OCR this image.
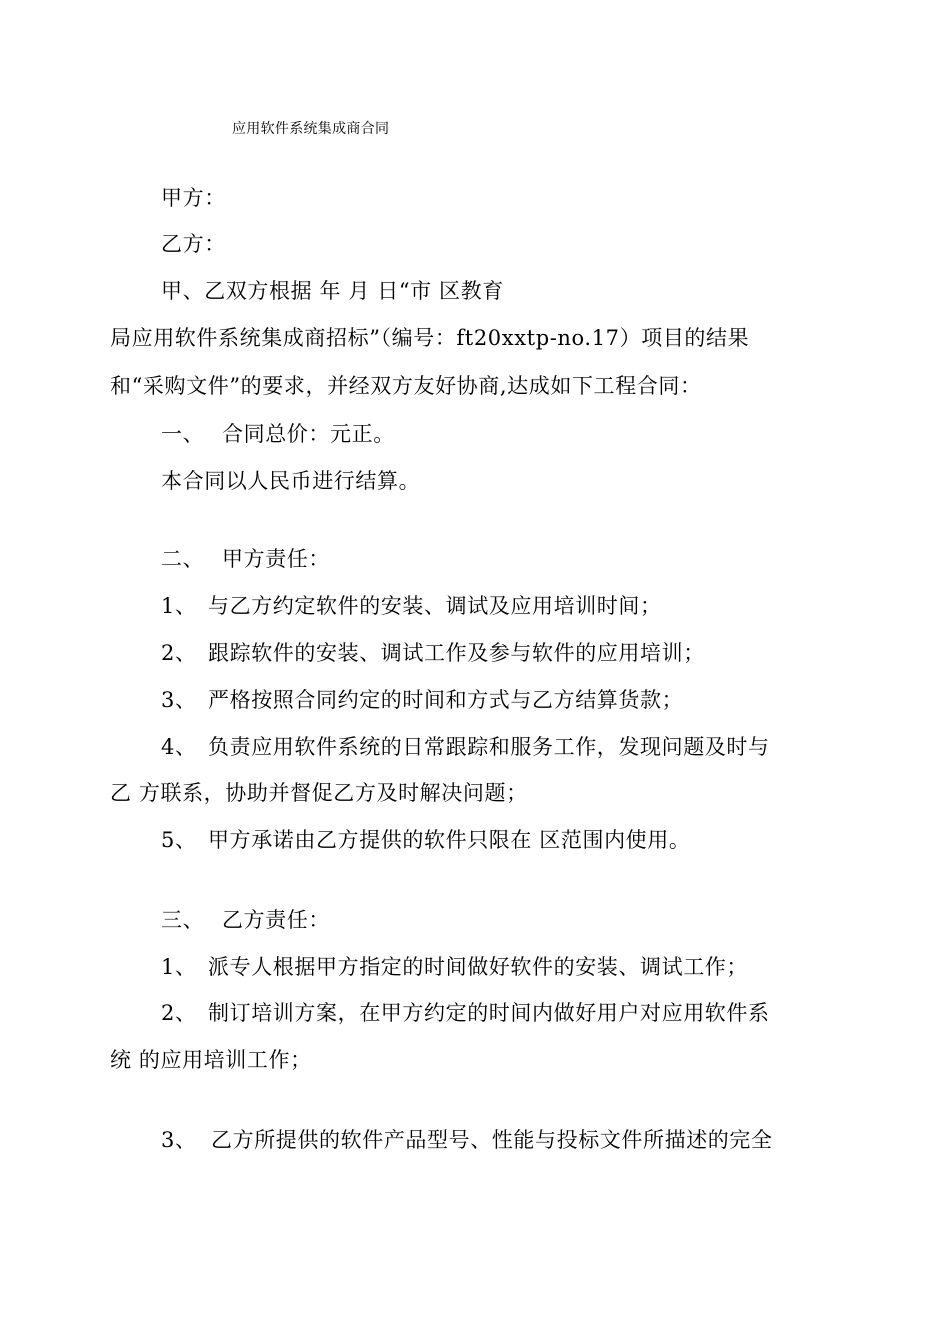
应用软件系统集成商合同
甲方：
乙方：
甲、乙双方根据 年 月 日“市 区教育
局应用软件系统集成商招标”（编号：ft20xxtp-no.17）项目的结果
和“采购文件”的要求，并经双方友好协商,达成如下工程合同：
一、 合同总价：元正。
本合同以人民币进行结算。
二、 甲方责任：
1、 与乙方约定软件的安装、调试及应用培训时间；
2、 跟踪软件的安装、调试工作及参与软件的应用培训；
3、 严格按照合同约定的时间和方式与乙方结算货款；
4、 负责应用软件系统的日常跟踪和服务工作，发现问题及时与
乙 方联系，协助并督促乙方及时解决问题；
5、 甲方承诺由乙方提供的软件只限在 区范围内使用。
三、 乙方责任：
1、 派专人根据甲方指定的时间做好软件的安装、调试工作；
2、 制订培训方案，在甲方约定的时间内做好用户对应用软件系
统 的应用培训工作；
3、 乙方所提供的软件产品型号、性能与投标文件所描述的完全
